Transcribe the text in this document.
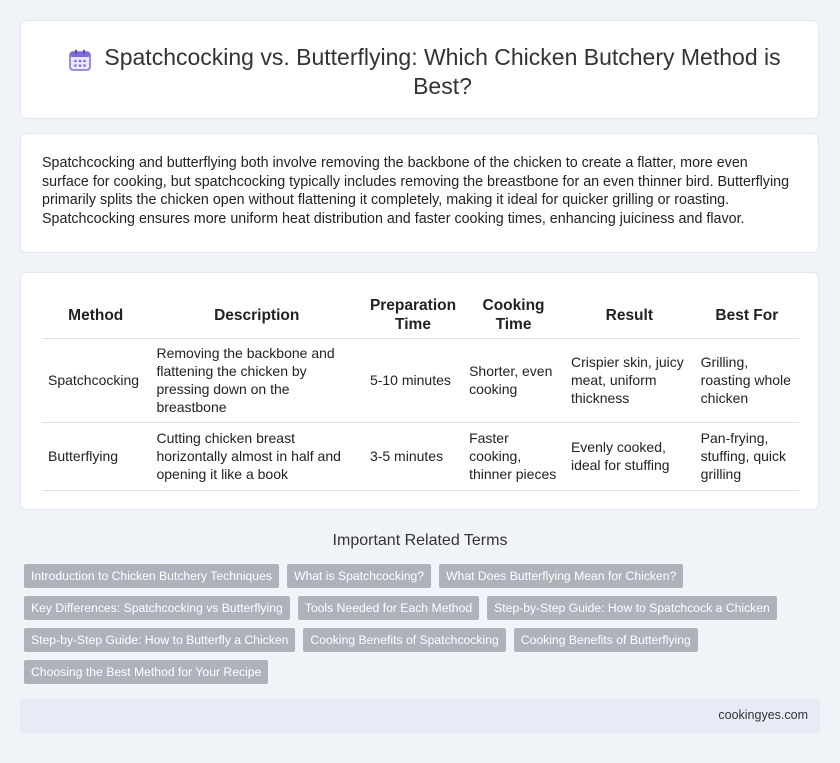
Spatchcocking vs. Butterflying: Which Chicken Butchery Method is Best?

Spatchcocking and butterflying both involve removing the backbone of the chicken to create a flatter, more even surface for cooking, but spatchcocking typically includes removing the breastbone for an even thinner bird. Butterflying primarily splits the chicken open without flattening it completely, making it ideal for quicker grilling or roasting. Spatchcocking ensures more uniform heat distribution and faster cooking times, enhancing juiciness and flavor.

Method	Description	Preparation Time	Cooking Time	Result	Best For
Spatchcocking	Removing the backbone and flattening the chicken by pressing down on the breastbone	5-10 minutes	Shorter, even cooking	Crispier skin, juicy meat, uniform thickness	Grilling, roasting whole chicken
Butterflying	Cutting chicken breast horizontally almost in half and opening it like a book	3-5 minutes	Faster cooking, thinner pieces	Evenly cooked, ideal for stuffing	Pan-frying, stuffing, quick grilling
Important Related Terms
Introduction to Chicken Butchery Techniques	What is Spatchcocking?	What Does Butterflying Mean for Chicken?
Key Differences: Spatchcocking vs Butterflying	Tools Needed for Each Method	Step-by-Step Guide: How to Spatchcock a Chicken
Step-by-Step Guide: How to Butterfly a Chicken	Cooking Benefits of Spatchcocking	Cooking Benefits of Butterflying
Choosing the Best Method for Your Recipe
cookingyes.com
